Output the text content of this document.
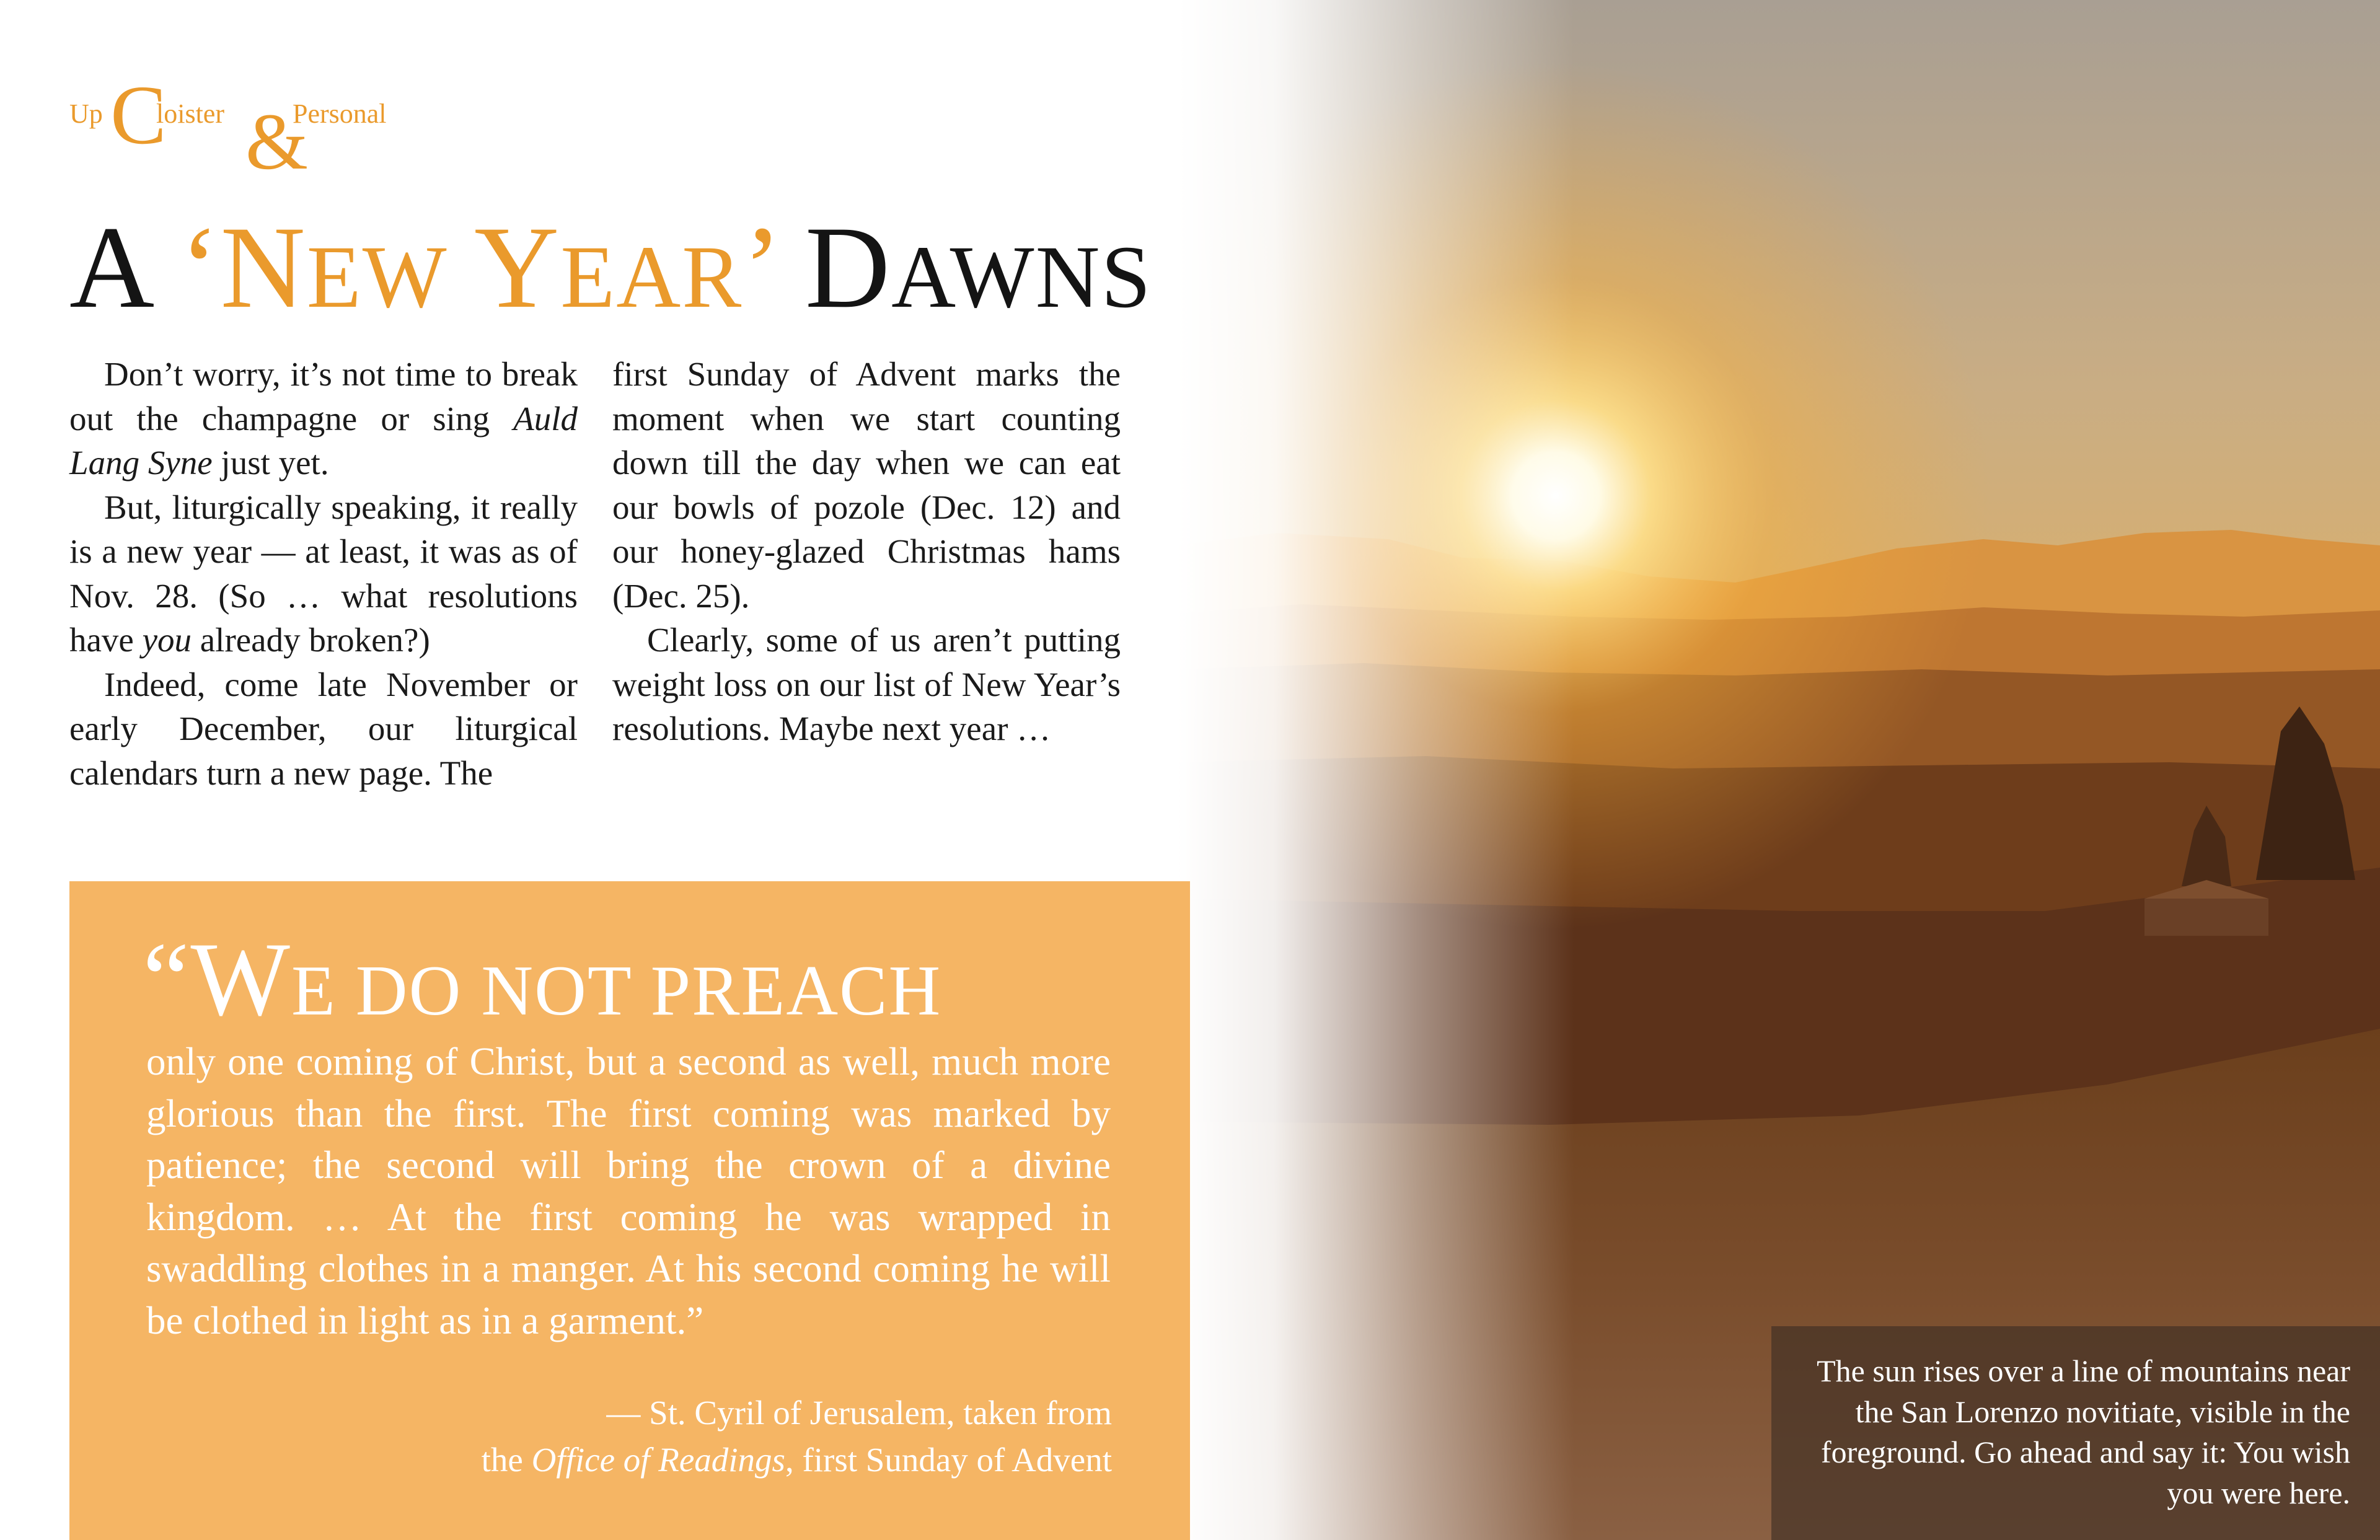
Up C
loister &
Personal
A ‘NEW YEAR’ DAWNS

Don’t worry, it’s not time to break out the champagne or sing Auld Lang Syne just yet.

But, liturgically speaking, it really is a new year — at least, it was as of Nov. 28. (So … what resolutions have you already broken?)

Indeed, come late November or early December, our liturgical calendars turn a new page. The

first Sunday of Advent marks the moment when we start counting down till the day when we can eat our bowls of pozole (Dec. 12) and our honey-glazed Christmas hams (Dec. 25).

Clearly, some of us aren’t putting weight loss on our list of New Year’s resolutions. Maybe next year …

“WE DO NOT PREACH
only one coming of Christ, but a second as well, much more glorious than the first. The first coming was marked by patience; the second will bring the crown of a divine kingdom. … At the first coming he was wrapped in swaddling clothes in a manger. At his second coming he will be clothed in light as in a garment.”
— St. Cyril of Jerusalem, taken from
the Office of Readings, first Sunday of Advent
The sun rises over a line of mountains near the San Lorenzo novitiate, visible in the foreground. Go ahead and say it: You wish you were here.
